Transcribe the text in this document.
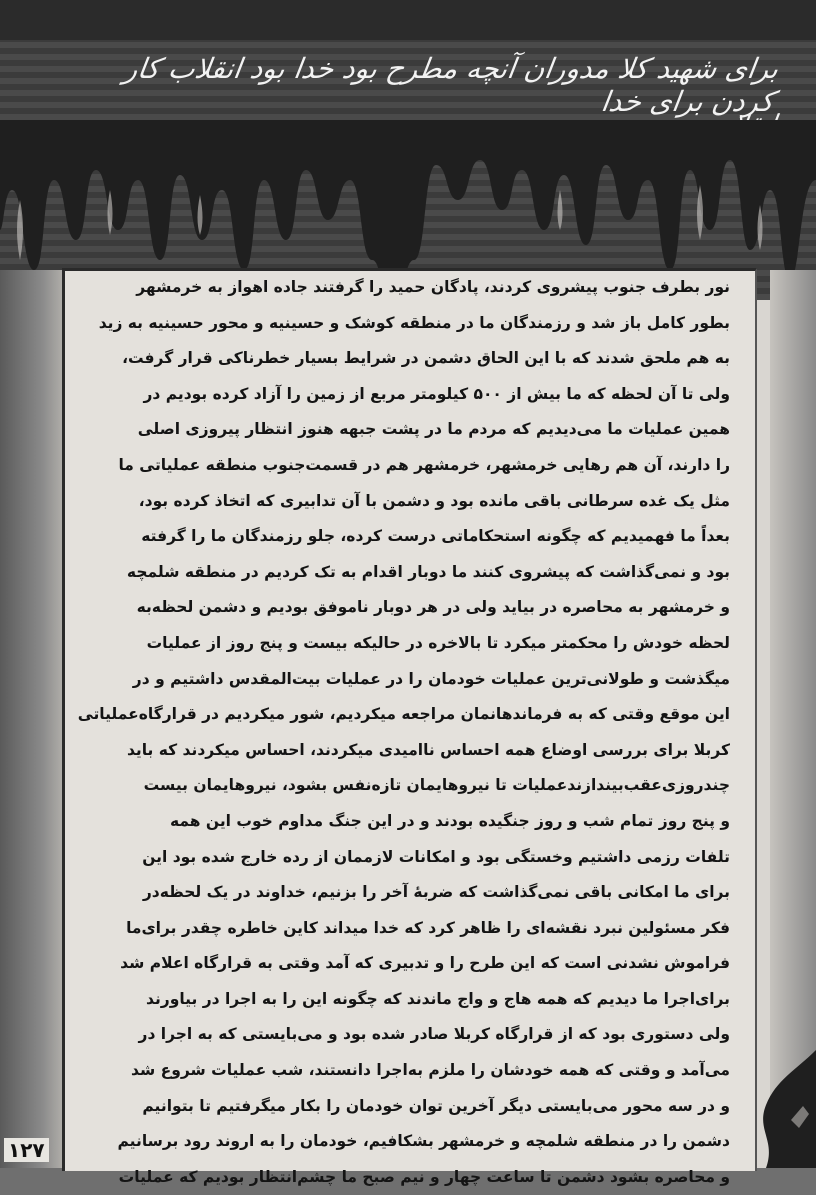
برای شهید کلا مدوران آنچه مطرح بود خدا بود انقلاب کار کردن برای خدا

نور بطرف جنوب پیشروی کردند، پادگان حمید را گرفتند جاده اهواز به خرمشهر

بطور کامل باز شد و رزمندگان ما در منطقه کوشک و حسینیه و محور حسینیه به زید

به هم ملحق شدند که با این الحاق دشمن در شرایط بسیار خطرناکی قرار گرفت،

ولی تا آن لحظه که ما بیش از ۵۰۰ کیلومتر مربع از زمین را آزاد کرده بودیم در

همین عملیات ما می‌دیدیم که مردم ما در پشت جبهه هنوز انتظار پیروزی اصلی

را دارند، آن هم رهایی خرمشهر، خرمشهر هم در قسمت‌جنوب منطقه عملیاتی ما

مثل یک غده سرطانی باقی مانده بود و دشمن با آن تدابیری که اتخاذ کرده بود،

بعداً ما فهمیدیم که چگونه استحکاماتی درست کرده، جلو رزمندگان ما را گرفته

بود و نمی‌گذاشت که پیشروی کنند ما دوبار اقدام به تک کردیم در منطقه شلمچه

و خرمشهر به محاصره در بیاید ولی در هر دوبار ناموفق بودیم و دشمن لحظه‌به

لحظه خودش را محکمتر میکرد تا بالاخره در حالیکه بیست و پنج روز از عملیات

میگذشت و طولانی‌ترین عملیات خودمان را در عملیات بیت‌المقدس داشتیم و در

این موقع وقتی که به فرماندهانمان مراجعه میکردیم، شور میکردیم در قرارگاه‌عملیاتی

کربلا برای بررسی اوضاع همه احساس ناامیدی میکردند، احساس میکردند که باید

چندروزی‌عقب‌بیندازند‌عملیات تا نیروهایمان تازه‌نفس بشود، نیروهایمان بیست

و پنج روز تمام شب و روز جنگیده بودند و در این جنگ مداوم خوب این همه

تلفات رزمی داشتیم وخستگی بود و امکانات لازممان از رده خارج شده بود این

برای ما امکانی باقی نمی‌گذاشت که ضربهٔ آخر را بزنیم، خداوند در یک لحظه‌در

فکر مسئولین نبرد نقشه‌ای را ظاهر کرد که خدا میداند کاین خاطره چقدر برای‌ما

فراموش نشدنی است که این طرح را و تدبیری که آمد وقتی به قرارگاه اعلام شد

برای‌اجرا ما دیدیم که همه هاج و واج ماندند که چگونه این را به اجرا در بیاورند

ولی دستوری بود که از قرارگاه کربلا صادر شده بود و می‌بایستی که به اجرا در

می‌آمد و وقتی که همه خودشان را ملزم به‌اجرا دانستند، شب عملیات شروع شد

و در سه محور می‌بایستی دیگر آخرین توان خودمان را بکار میگرفتیم تا بتوانیم

دشمن را در منطقه شلمچه و خرمشهر بشکافیم، خودمان را به اروند رود برسانیم

و محاصره بشود دشمن تا ساعت چهار و نیم صبح ما چشم‌انتظار بودیم که عملیات

۱۲۷
